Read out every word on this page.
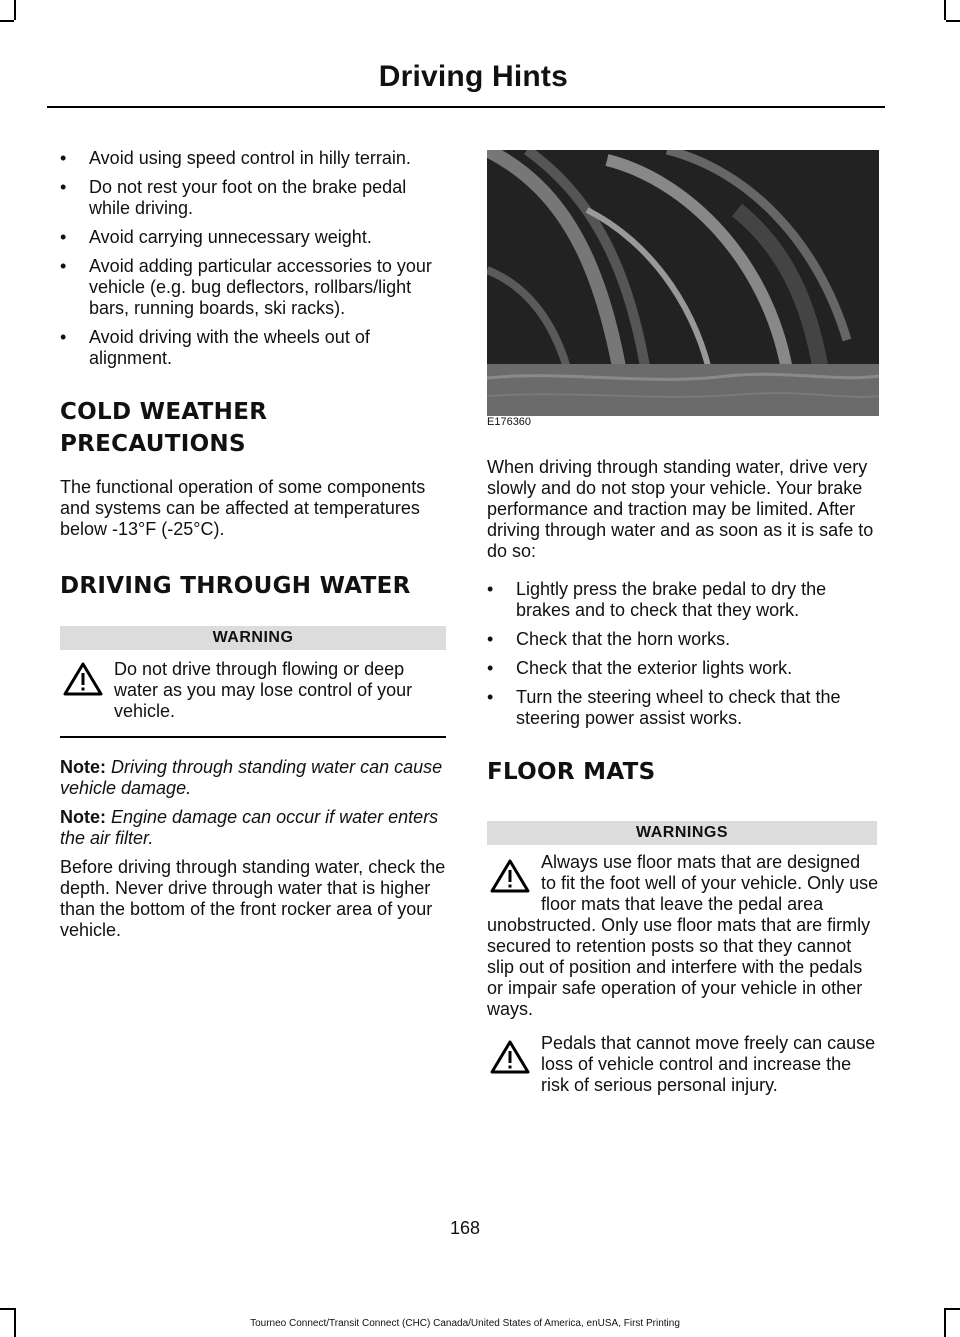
Driving Hints
• Avoid using speed control in hilly terrain.
• Do not rest your foot on the brake pedal while driving.
• Avoid carrying unnecessary weight.
• Avoid adding particular accessories to your vehicle (e.g. bug deflectors, rollbars/light bars, running boards, ski racks).
• Avoid driving with the wheels out of alignment.
COLD WEATHER
PRECAUTIONS

The functional operation of some components and systems can be affected at temperatures below -13°F (-25°C).

DRIVING THROUGH WATER
WARNING
Do not drive through flowing or deep water as you may lose control of your vehicle.

Note: Driving through standing water can cause vehicle damage.

Note: Engine damage can occur if water enters the air filter.

Before driving through standing water, check the depth. Never drive through water that is higher than the bottom of the front rocker area of your vehicle.

E176360

When driving through standing water, drive very slowly and do not stop your vehicle. Your brake performance and traction may be limited. After driving through water and as soon as it is safe to do so:

• Lightly press the brake pedal to dry the brakes and to check that they work.
• Check that the horn works.
• Check that the exterior lights work.
• Turn the steering wheel to check that the steering power assist works.
FLOOR MATS
WARNINGS
Always use floor mats that are designed to fit the foot well of your vehicle. Only use floor mats that leave the pedal area unobstructed. Only use floor mats that are firmly secured to retention posts so that they cannot slip out of position and interfere with the pedals or impair safe operation of your vehicle in other ways.
Pedals that cannot move freely can cause loss of vehicle control and increase the risk of serious personal injury.
168
Tourneo Connect/Transit Connect (CHC) Canada/United States of America, enUSA, First Printing
